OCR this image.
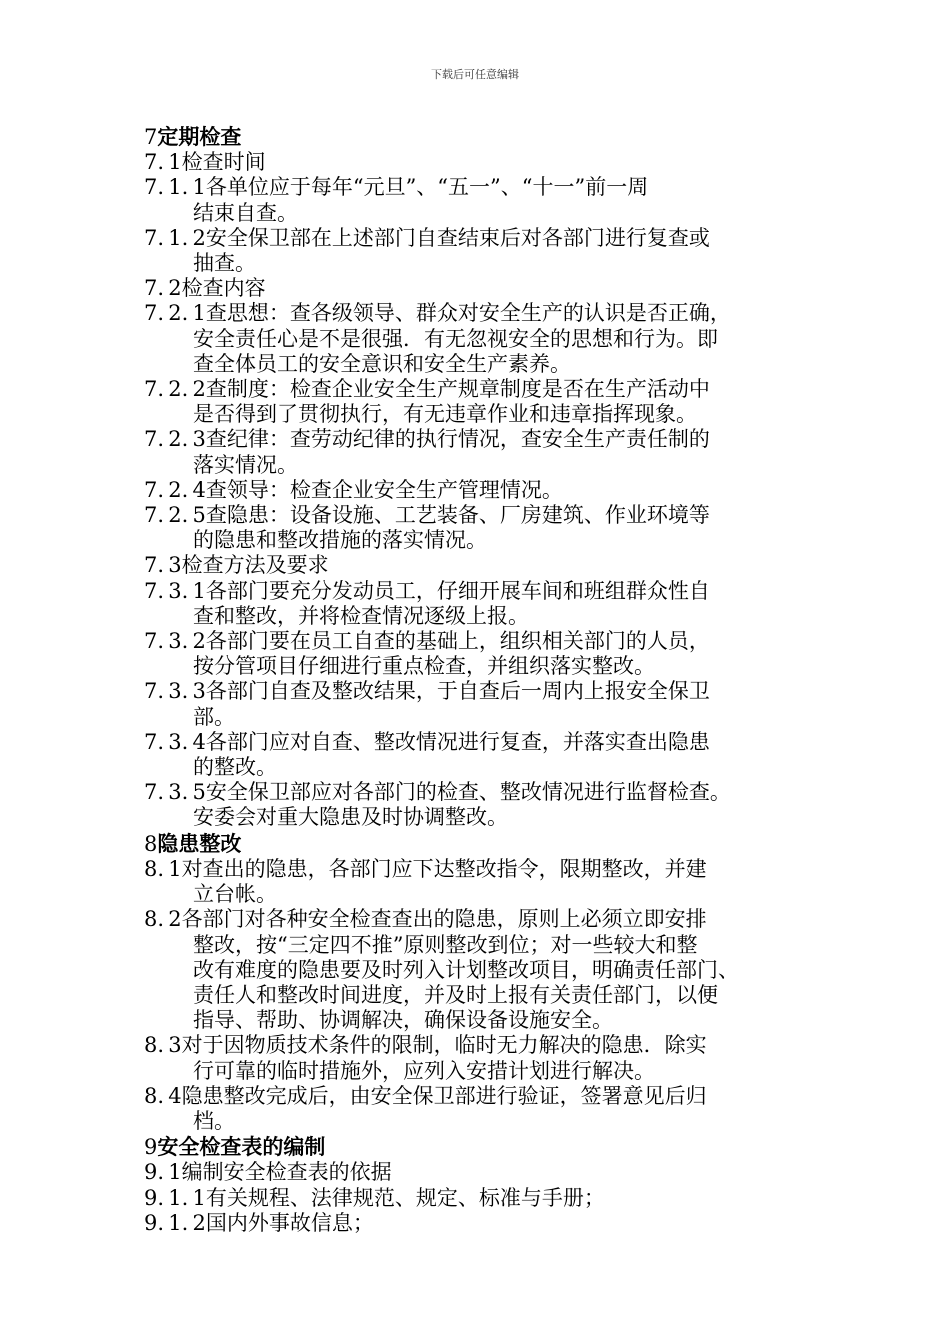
下载后可任意编辑
7定期检查
7. 1检查时间
7. 1. 1各单位应于每年“元旦”、“五一”、“十一”前一周
结束自查。
7. 1. 2安全保卫部在上述部门自查结束后对各部门进行复查或
抽查。
7. 2检查内容
7. 2. 1查思想：查各级领导、群众对安全生产的认识是否正确，
安全责任心是不是很强．有无忽视安全的思想和行为。即
查全体员工的安全意识和安全生产素养。
7. 2. 2查制度：检查企业安全生产规章制度是否在生产活动中
是否得到了贯彻执行，有无违章作业和违章指挥现象。
7. 2. 3查纪律：查劳动纪律的执行情况，查安全生产责任制的
落实情况。
7. 2. 4查领导：检查企业安全生产管理情况。
7. 2. 5查隐患：设备设施、工艺装备、厂房建筑、作业环境等
的隐患和整改措施的落实情况。
7. 3检查方法及要求
7. 3. 1各部门要充分发动员工，仔细开展车间和班组群众性自
查和整改，并将检查情况逐级上报。
7. 3. 2各部门要在员工自查的基础上，组织相关部门的人员，
按分管项目仔细进行重点检查，并组织落实整改。
7. 3. 3各部门自查及整改结果，于自查后一周内上报安全保卫
部。
7. 3. 4各部门应对自查、整改情况进行复查，并落实查出隐患
的整改。
7. 3. 5安全保卫部应对各部门的检查、整改情况进行监督检查。
安委会对重大隐患及时协调整改。
8隐患整改
8. 1对查出的隐患，各部门应下达整改指令，限期整改，并建
立台帐。
8. 2各部门对各种安全检查查出的隐患，原则上必须立即安排
整改，按“三定四不推”原则整改到位；对一些较大和整
改有难度的隐患要及时列入计划整改项目，明确责任部门、
责任人和整改时间进度，并及时上报有关责任部门，以便
指导、帮助、协调解决，确保设备设施安全。
8. 3对于因物质技术条件的限制，临时无力解决的隐患．除实
行可靠的临时措施外，应列入安措计划进行解决。
8. 4隐患整改完成后，由安全保卫部进行验证，签署意见后归
档。
9安全检查表的编制
9. 1编制安全检查表的依据
9. 1. 1有关规程、法律规范、规定、标准与手册；
9. 1. 2国内外事故信息；
